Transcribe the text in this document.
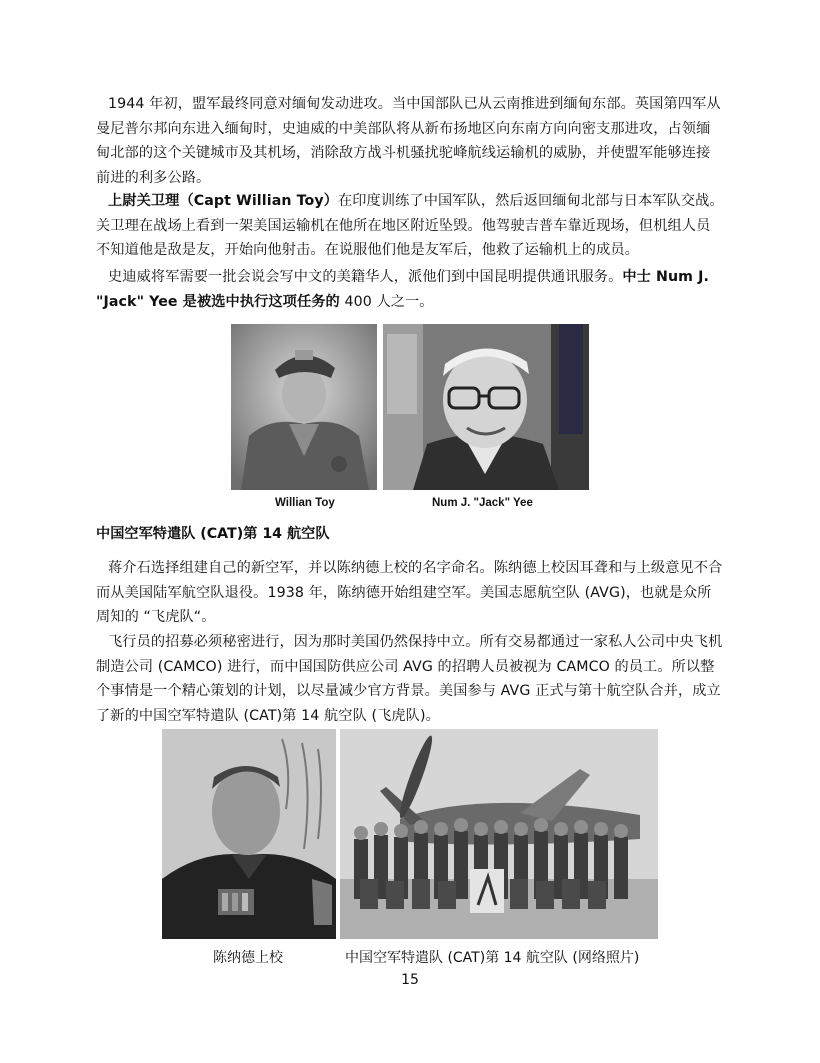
1944 年初，盟军最终同意对缅甸发动进攻。当中国部队已从云南推进到缅甸东部。英国第四军从曼尼普尔邦向东进入缅甸时，史迪威的中美部队将从新布扬地区向东南方向向密支那进攻，占领缅甸北部的这个关键城市及其机场，消除敌方战斗机骚扰驼峰航线运输机的威胁，并使盟军能够连接前进的利多公路。

上尉关卫理（Capt Willian Toy）在印度训练了中国军队，然后返回缅甸北部与日本军队交战。关卫理在战场上看到一架美国运输机在他所在地区附近坠毁。他驾驶吉普车靠近现场，但机组人员不知道他是敌是友，开始向他射击。在说服他们他是友军后，他救了运输机上的成员。

史迪威将军需要一批会说会写中文的美籍华人，派他们到中国昆明提供通讯服务。中士 Num J. "Jack" Yee 是被选中执行这项任务的 400 人之一。

Willian Toy	Num J. "Jack" Yee

中国空军特遣队 (CAT)第 14 航空队

蒋介石选择组建自己的新空军，并以陈纳德上校的名字命名。陈纳德上校因耳聋和与上级意见不合而从美国陆军航空队退役。1938 年，陈纳德开始组建空军。美国志愿航空队 (AVG)，也就是众所周知的 “飞虎队“。

飞行员的招募必须秘密进行，因为那时美国仍然保持中立。所有交易都通过一家私人公司中央飞机制造公司 (CAMCO) 进行，而中国国防供应公司 AVG 的招聘人员被视为 CAMCO 的员工。所以整个事情是一个精心策划的计划，以尽量减少官方背景。美国参与 AVG 正式与第十航空队合并，成立了新的中国空军特遣队 (CAT)第 14 航空队 (飞虎队)。

陈纳德上校	中国空军特遣队 (CAT)第 14 航空队 (网络照片)
15
